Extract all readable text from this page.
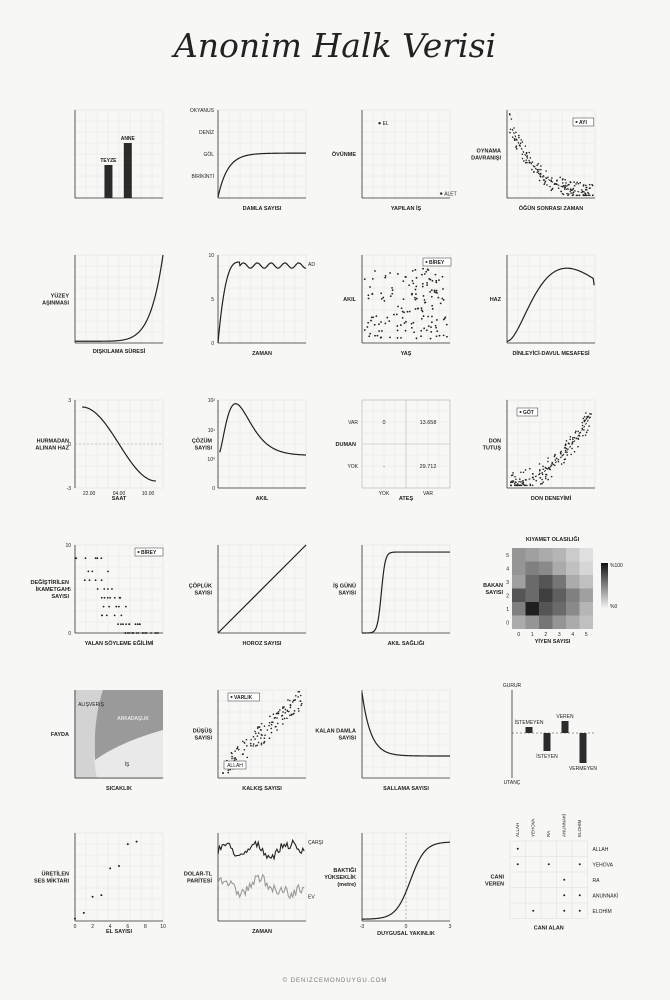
Anonim Halk Verisi
TEYZE
ANNE
DAMLA SAYISI
BİRİKİNTİ
GÖL
DENİZ
OKYANUS
YAPILAN İŞ
ÖVÜNME
EL
ALET
ÖĞÜN SONRASI ZAMAN
OYNAMA
DAVRANIŞI
AYI
DIŞKILAMA SÜRESİ
YÜZEY
AŞINMASI
ZAMAN
0
5
10
AD
YAŞ
AKIL
BİREY
DİNLEYİCİ-DAVUL MESAFESİ
HAZ
SAAT
HURMADAN
ALINAN HAZ
-3
0
3
22.00	04.00	10.00
AKIL
ÇÖZÜM
SAYISI
0
10⁰
10¹
10²
ATEŞ
DUMAN
YOK	VAR
VAR
YOK
0	13.658
-	29.712
DON DENEYİMİ
DON
TUTUŞ
GÖT
YALAN SÖYLEME EĞİLİMİ
DEĞİŞTİRİLEN
İKAMETGAH
SAYISI
0
5
10
BİREY
HOROZ SAYISI
ÇÖPLÜK
SAYISI
AKIL SAĞLIĞI
İŞ GÜNÜ
SAYISI
KIYAMET OLASILIĞI
0 1 2 3 4 5
0
1
2
3
4
5
YİYEN SAYISI
BAKAN
SAYISI
%100
%0
SICAKLIK
FAYDA
ALIŞVERİŞ
ARKADAŞLIK
İŞ
KALKIŞ SAYISI
DÜŞÜŞ
SAYISI
VARLIK
ALLAH
SALLAMA SAYISI
KALAN DAMLA
SAYISI
GURUR
UTANÇ
İSTEMEYEN
İSTEYEN
VEREN
VERMEYEN
EL SAYISI
ÜRETİLEN
SES MİKTARI
0	2	4	6	8	10
ZAMAN
DOLAR-TL
PARİTESİ
ÇARŞI
EV
DUYGUSAL YAKINLIK
BAKTIĞI
YÜKSEKLİK
(metre)
-3	0	3
ALLAH YEHOVA RA ANUNNAKİ ELOHİM
ALLAH
YEHOVA
RA
ANUNNAKİ
ELOHİM
CANI ALAN
CANI
VEREN
© DENIZCEMONDUYGU.COM
